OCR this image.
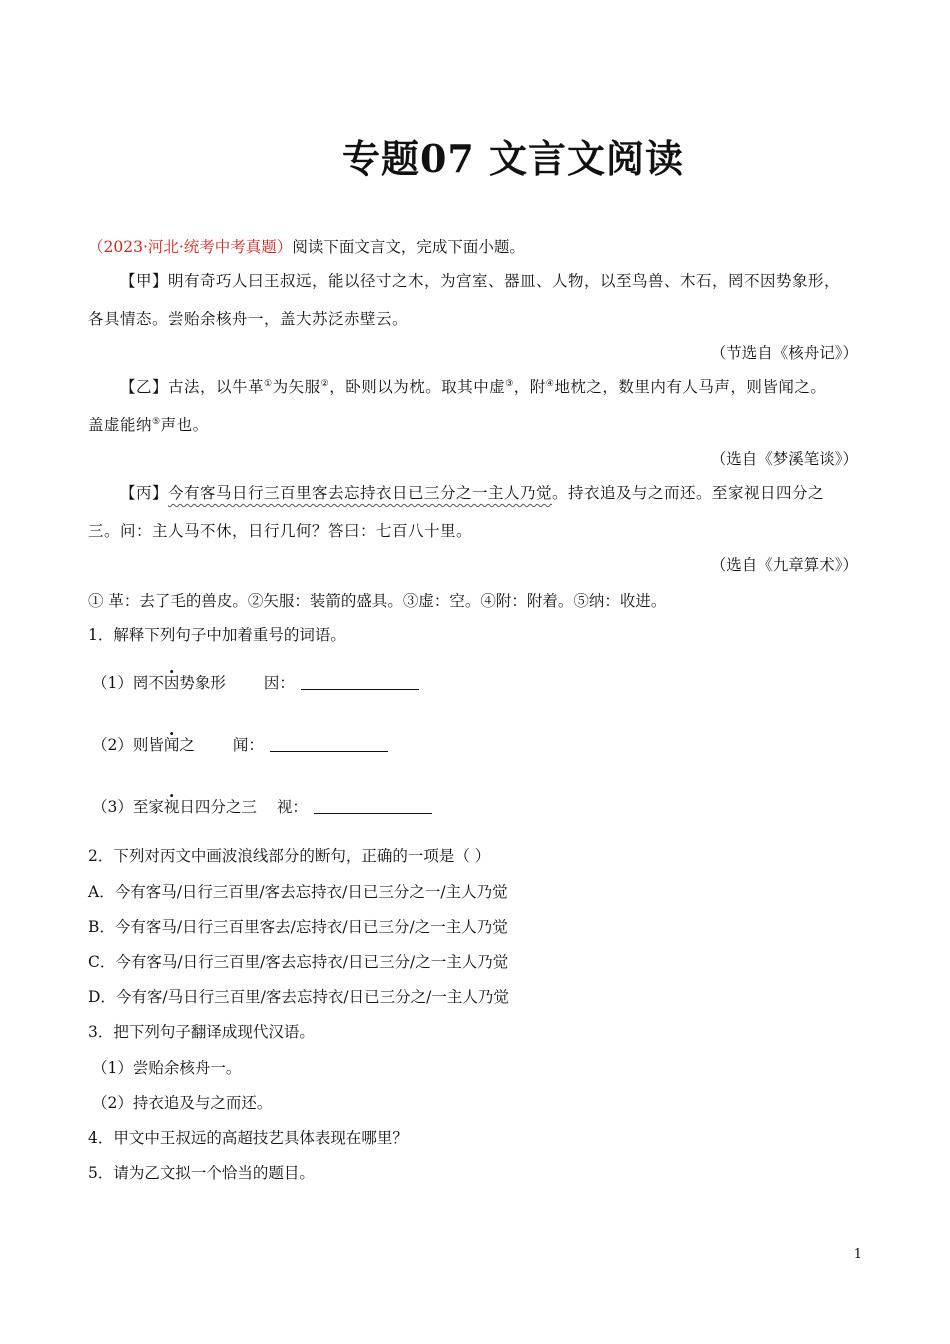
专题07 文言文阅读
（2023·河北·统考中考真题）阅读下面文言文，完成下面小题。
【甲】明有奇巧人曰王叔远，能以径寸之木，为宫室、器皿、人物，以至鸟兽、木石，罔不因势象形，
各具情态。尝贻余核舟一，盖大苏泛赤壁云。
（节选自《核舟记》）
【乙】古法，以牛革①为矢服②，卧则以为枕。取其中虚③，附④地枕之，数里内有人马声，则皆闻之。
盖虚能纳⑤声也。
（选自《梦溪笔谈》）
【丙】今有客马日行三百里客去忘持衣日已三分之一主人乃觉。持衣追及与之而还。至家视日四分之
三。问：主人马不休，日行几何？答曰：七百八十里。
（选自《九章算术》）
① 革：去了毛的兽皮。②矢服：装箭的盛具。③虚：空。④附：附着。⑤纳：收进。
1．解释下列句子中加着重号的词语。
（1）罔不因势象形 因：
（2）则皆闻之 闻：
（3）至家视日四分之三 视：
2．下列对丙文中画波浪线部分的断句，正确的一项是（ ）
A．今有客马/日行三百里/客去忘持衣/日已三分之一/主人乃觉
B．今有客马/日行三百里客去/忘持衣/日已三分/之一主人乃觉
C．今有客马/日行三百里/客去忘持衣/日已三分/之一主人乃觉
D．今有客/马日行三百里/客去忘持衣/日已三分之/一主人乃觉
3．把下列句子翻译成现代汉语。
（1）尝贻余核舟一。
（2）持衣追及与之而还。
4．甲文中王叔远的高超技艺具体表现在哪里？
5．请为乙文拟一个恰当的题目。
1
